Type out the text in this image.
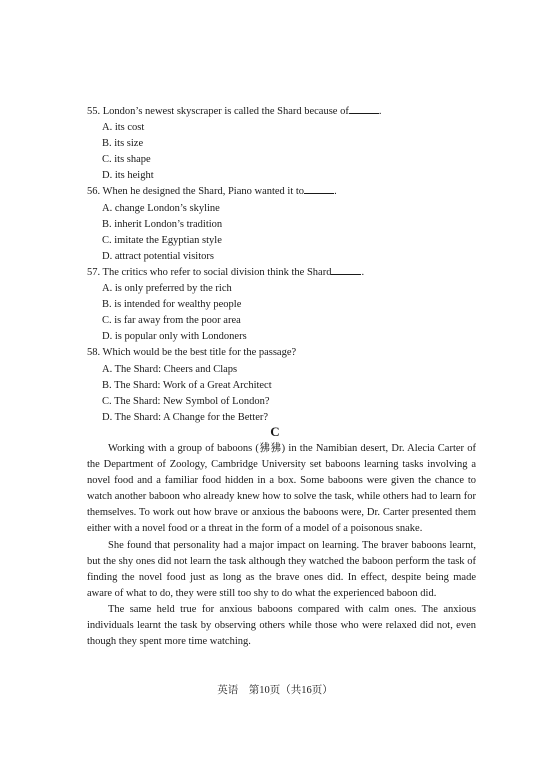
55. London’s newest skyscraper is called the Shard because of	.
A. its cost
B. its size
C. its shape
D. its height
56. When he designed the Shard, Piano wanted it to	.
A. change London’s skyline
B. inherit London’s tradition
C. imitate the Egyptian style
D. attract potential visitors
57. The critics who refer to social division think the Shard	.
A. is only preferred by the rich
B. is intended for wealthy people
C. is far away from the poor area
D. is popular only with Londoners
58. Which would be the best title for the passage?
A. The Shard: Cheers and Claps
B. The Shard: Work of a Great Architect
C. The Shard: New Symbol of London?
D. The Shard: A Change for the Better?
C

Working with a group of baboons (狒狒) in the Namibian desert, Dr. Alecia Carter of the Department of Zoology, Cambridge University set baboons learning tasks involving a novel food and a familiar food hidden in a box. Some baboons were given the chance to watch another baboon who already knew how to solve the task, while others had to learn for themselves. To work out how brave or anxious the baboons were, Dr. Carter presented them either with a novel food or a threat in the form of a model of a poisonous snake.

She found that personality had a major impact on learning. The braver baboons learnt, but the shy ones did not learn the task although they watched the baboon perform the task of finding the novel food just as long as the brave ones did. In effect, despite being made aware of what to do, they were still too shy to do what the experienced baboon did.

The same held true for anxious baboons compared with calm ones. The anxious individuals learnt the task by observing others while those who were relaxed did not, even though they spent more time watching.

英语　第10页（共16页）
